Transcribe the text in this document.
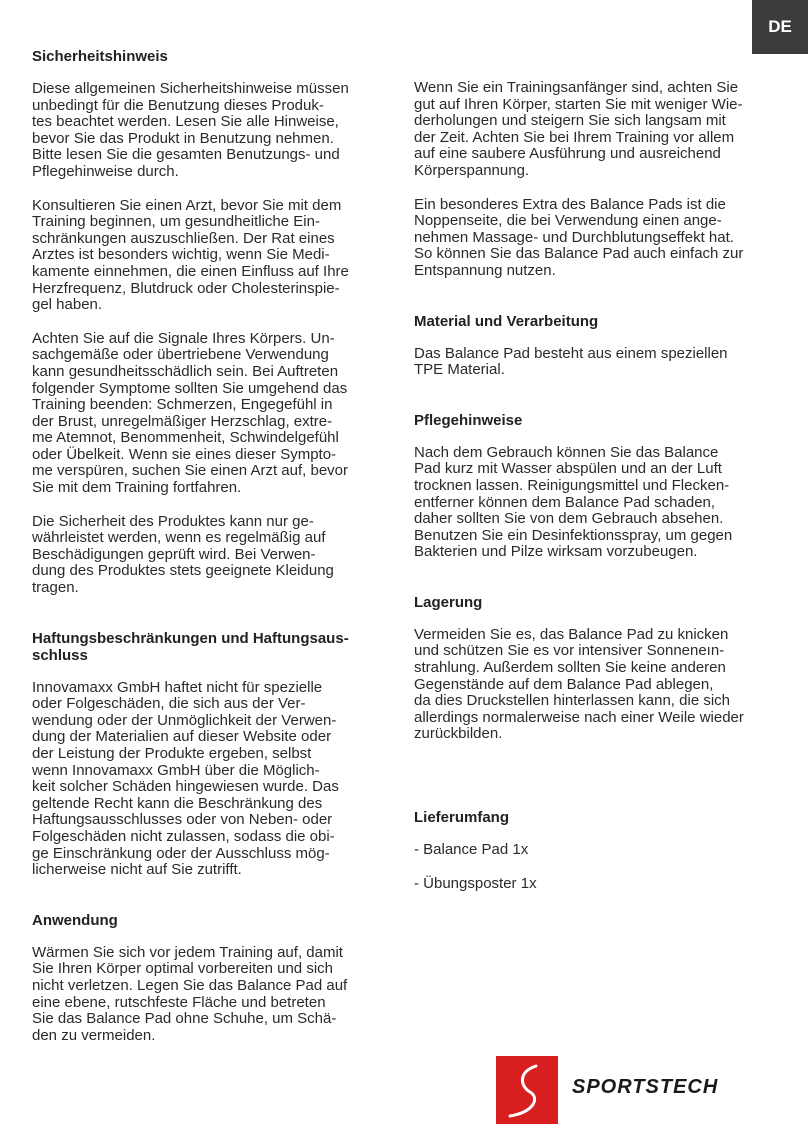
DE
Sicherheitshinweis

Diese allgemeinen Sicherheitshinweise müssen
unbedingt für die Benutzung dieses Produk-
tes beachtet werden. Lesen Sie alle Hinweise,
bevor Sie das Produkt in Benutzung nehmen.
Bitte lesen Sie die gesamten Benutzungs- und
Pflegehinweise durch.

Konsultieren Sie einen Arzt, bevor Sie mit dem
Training beginnen, um gesundheitliche Ein-
schränkungen auszuschließen. Der Rat eines
Arztes ist besonders wichtig, wenn Sie Medi-
kamente einnehmen, die einen Einfluss auf Ihre
Herzfrequenz, Blutdruck oder Cholesterinspie-
gel haben.

Achten Sie auf die Signale Ihres Körpers. Un-
sachgemäße oder übertriebene Verwendung
kann gesundheitsschädlich sein. Bei Auftreten
folgender Symptome sollten Sie umgehend das
Training beenden: Schmerzen, Engegefühl in
der Brust, unregelmäßiger Herzschlag, extre-
me Atemnot, Benommenheit, Schwindelgefühl
oder Übelkeit. Wenn sie eines dieser Sympto-
me verspüren, suchen Sie einen Arzt auf, bevor
Sie mit dem Training fortfahren.

Die Sicherheit des Produktes kann nur ge-
währleistet werden, wenn es regelmäßig auf
Beschädigungen geprüft wird. Bei Verwen-
dung des Produktes stets geeignete Kleidung
tragen.

Haftungsbeschränkungen und Haftungsaus-
schluss

Innovamaxx GmbH haftet nicht für spezielle
oder Folgeschäden, die sich aus der Ver-
wendung oder der Unmöglichkeit der Verwen-
dung der Materialien auf dieser Website oder
der Leistung der Produkte ergeben, selbst
wenn Innovamaxx GmbH über die Möglich-
keit solcher Schäden hingewiesen wurde. Das
geltende Recht kann die Beschränkung des
Haftungsausschlusses oder von Neben- oder
Folgeschäden nicht zulassen, sodass die obi-
ge Einschränkung oder der Ausschluss mög-
licherweise nicht auf Sie zutrifft.

Anwendung

Wärmen Sie sich vor jedem Training auf, damit
Sie Ihren Körper optimal vorbereiten und sich
nicht verletzen. Legen Sie das Balance Pad auf
eine ebene, rutschfeste Fläche und betreten
Sie das Balance Pad ohne Schuhe, um Schä-
den zu vermeiden.

Wenn Sie ein Trainingsanfänger sind, achten Sie
gut auf Ihren Körper, starten Sie mit weniger Wie-
derholungen und steigern Sie sich langsam mit
der Zeit. Achten Sie bei Ihrem Training vor allem
auf eine saubere Ausführung und ausreichend
Körperspannung.

Ein besonderes Extra des Balance Pads ist die
Noppenseite, die bei Verwendung einen ange-
nehmen Massage- und Durchblutungseffekt hat.
So können Sie das Balance Pad auch einfach zur
Entspannung nutzen.

Material und Verarbeitung

Das Balance Pad besteht aus einem speziellen
TPE Material.

Pflegehinweise

Nach dem Gebrauch können Sie das Balance
Pad kurz mit Wasser abspülen und an der Luft
trocknen lassen. Reinigungsmittel und Flecken-
entferner können dem Balance Pad schaden,
daher sollten Sie von dem Gebrauch absehen.
Benutzen Sie ein Desinfektionsspray, um gegen
Bakterien und Pilze wirksam vorzubeugen.

Lagerung

Vermeiden Sie es, das Balance Pad zu knicken
und schützen Sie es vor intensiver Sonneneın-
strahlung. Außerdem sollten Sie keine anderen
Gegenstände auf dem Balance Pad ablegen,
da dies Druckstellen hinterlassen kann, die sich
allerdings normalerweise nach einer Weile wieder
zurückbilden.

Lieferumfang

- Balance Pad 1x

- Übungsposter 1x

SPORTSTECH
